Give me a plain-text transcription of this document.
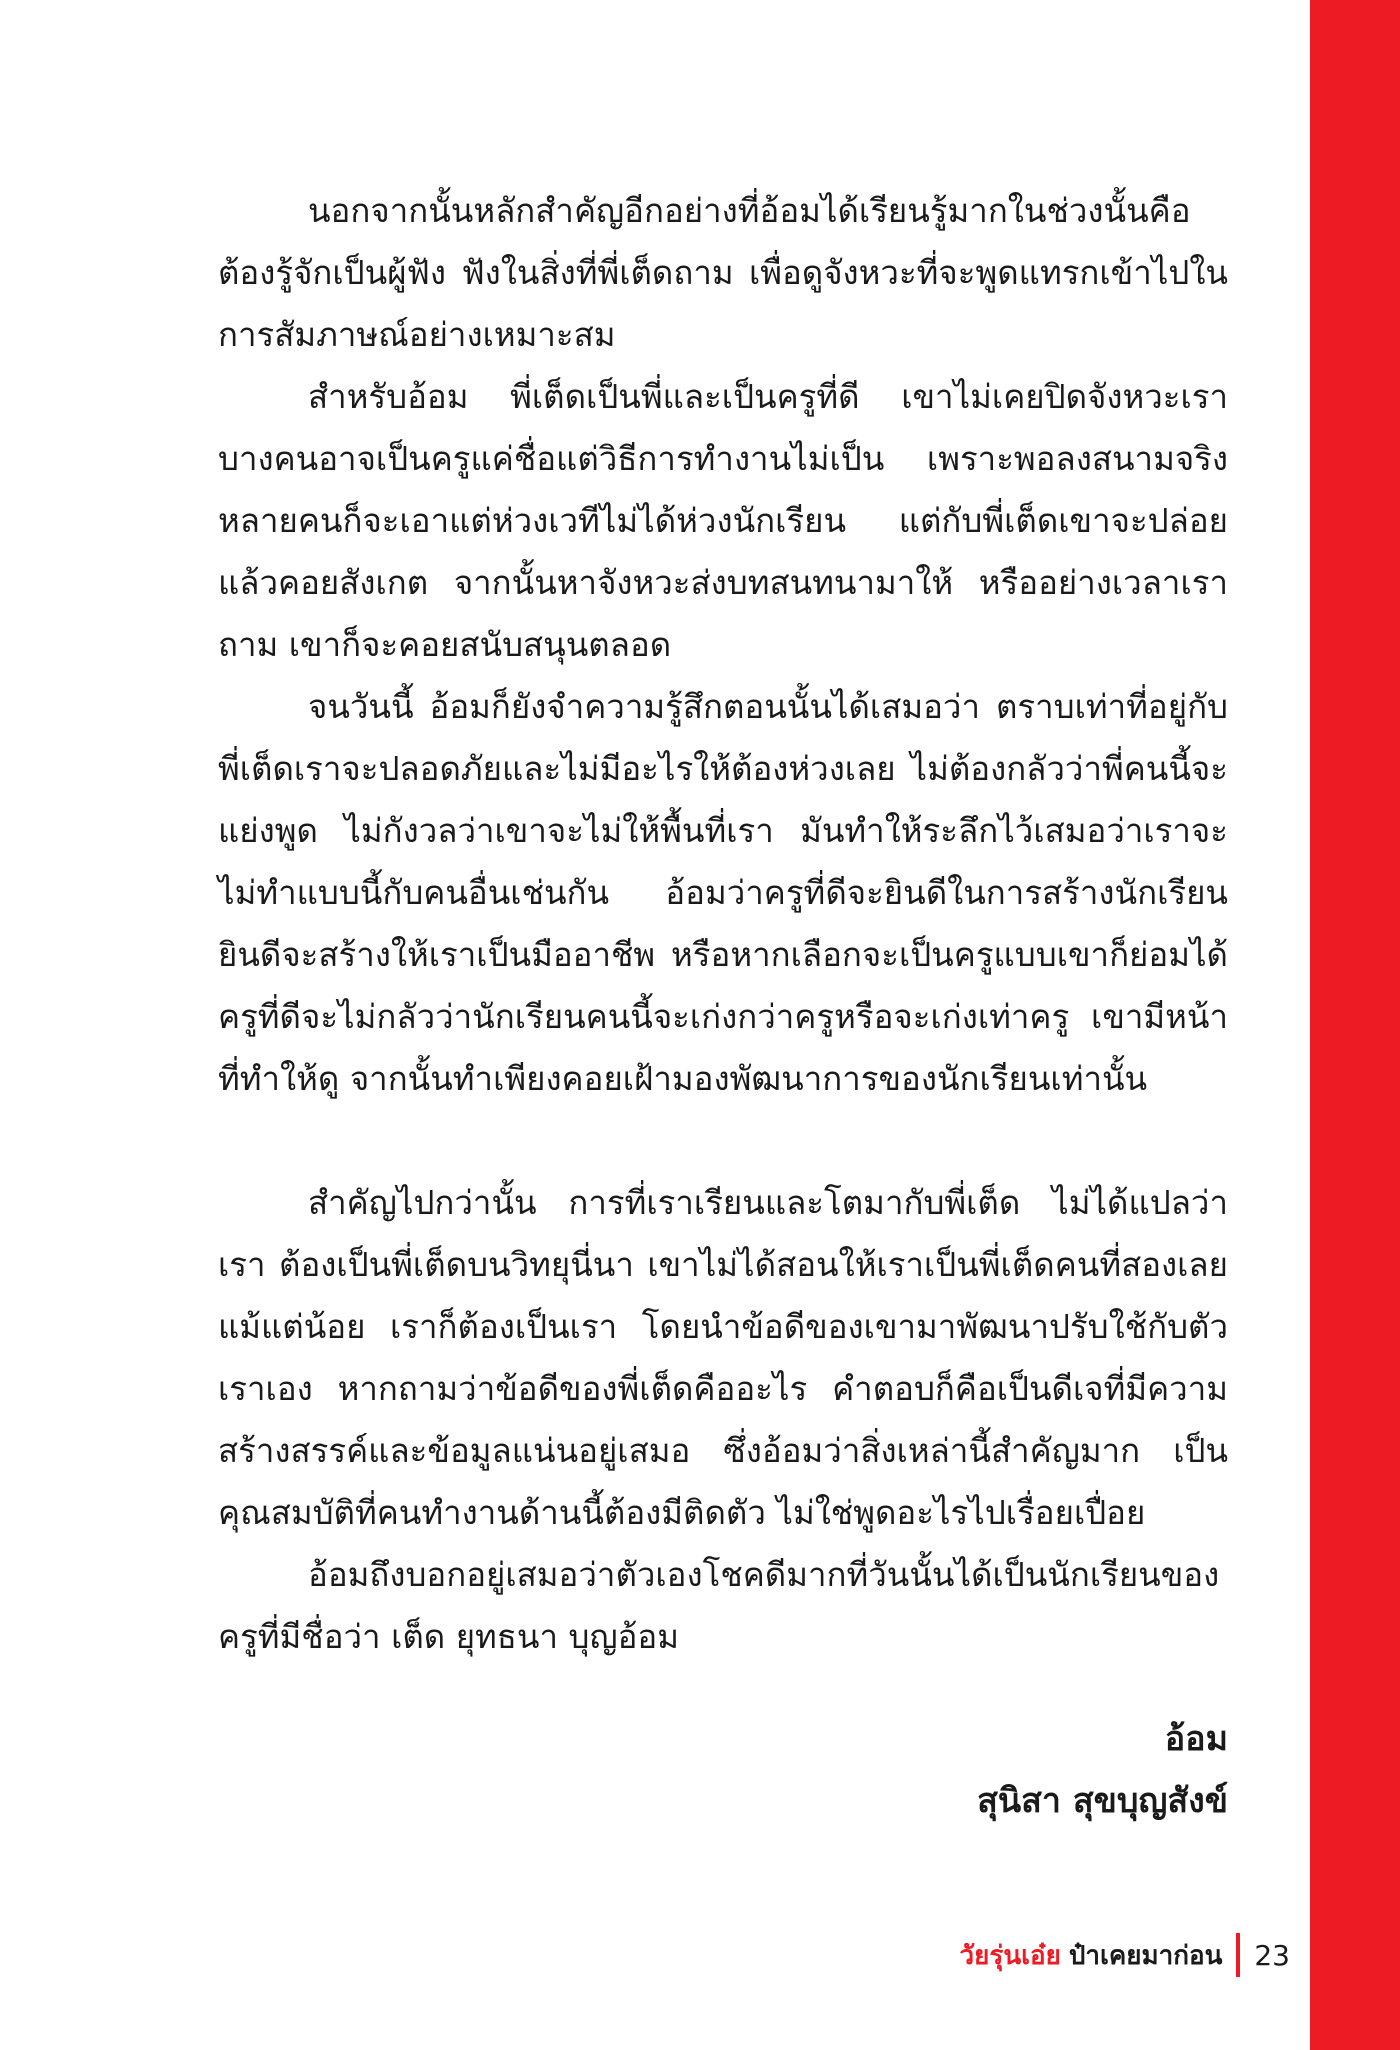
นอกจากนั้นหลักสำคัญอีกอย่างที่อ้อมได้เรียนรู้มากในช่วงนั้นคือ ต้องรู้จักเป็นผู้ฟัง ฟังในสิ่งที่พี่เต็ดถาม เพื่อดูจังหวะที่จะพูดแทรกเข้าไปในการสัมภาษณ์อย่างเหมาะสม

สำหรับอ้อม พี่เต็ดเป็นพี่และเป็นครูที่ดี เขาไม่เคยปิดจังหวะเรา บางคนอาจเป็นครูแค่ชื่อแต่วิธีการทำงานไม่เป็น เพราะพอลงสนามจริง หลายคนก็จะเอาแต่ห่วงเวทีไม่ได้ห่วงนักเรียน แต่กับพี่เต็ดเขาจะปล่อย แล้วคอยสังเกต จากนั้นหาจังหวะส่งบทสนทนามาให้ หรืออย่างเวลาเรา ถาม เขาก็จะคอยสนับสนุนตลอด

จนวันนี้ อ้อมก็ยังจำความรู้สึกตอนนั้นได้เสมอว่า ตราบเท่าที่อยู่กับพี่เต็ดเราจะปลอดภัยและไม่มีอะไรให้ต้องห่วงเลย ไม่ต้องกลัวว่าพี่คนนี้จะแย่งพูด ไม่กังวลว่าเขาจะไม่ให้พื้นที่เรา มันทำให้ระลึกไว้เสมอว่าเราจะไม่ทำแบบนี้กับคนอื่นเช่นกัน อ้อมว่าครูที่ดีจะยินดีในการสร้างนักเรียน ยินดีจะสร้างให้เราเป็นมืออาชีพ หรือหากเลือกจะเป็นครูแบบเขาก็ย่อมได้ ครูที่ดีจะไม่กลัวว่านักเรียนคนนี้จะเก่งกว่าครูหรือจะเก่งเท่าครู เขามีหน้าที่ทำให้ดู จากนั้นทำเพียงคอยเฝ้ามองพัฒนาการของนักเรียนเท่านั้น

สำคัญไปกว่านั้น การที่เราเรียนและโตมากับพี่เต็ด ไม่ได้แปลว่าเรา ต้องเป็นพี่เต็ดบนวิทยุนี่นา เขาไม่ได้สอนให้เราเป็นพี่เต็ดคนที่สองเลย แม้แต่น้อย เราก็ต้องเป็นเรา โดยนำข้อดีของเขามาพัฒนาปรับใช้กับตัว เราเอง หากถามว่าข้อดีของพี่เต็ดคืออะไร คำตอบก็คือเป็นดีเจที่มีความ สร้างสรรค์และข้อมูลแน่นอยู่เสมอ ซึ่งอ้อมว่าสิ่งเหล่านี้สำคัญมาก เป็นคุณสมบัติที่คนทำงานด้านนี้ต้องมีติดตัว ไม่ใช่พูดอะไรไปเรื่อยเปื่อย

อ้อมถึงบอกอยู่เสมอว่าตัวเองโชคดีมากที่วันนั้นได้เป็นนักเรียนของครูที่มีชื่อว่า เต็ด ยุทธนา บุญอ้อม

อ้อม
สุนิสา สุขบุญสังข์
วัยรุ่นเอ๋ย ป๋าเคยมาก่อน 23
